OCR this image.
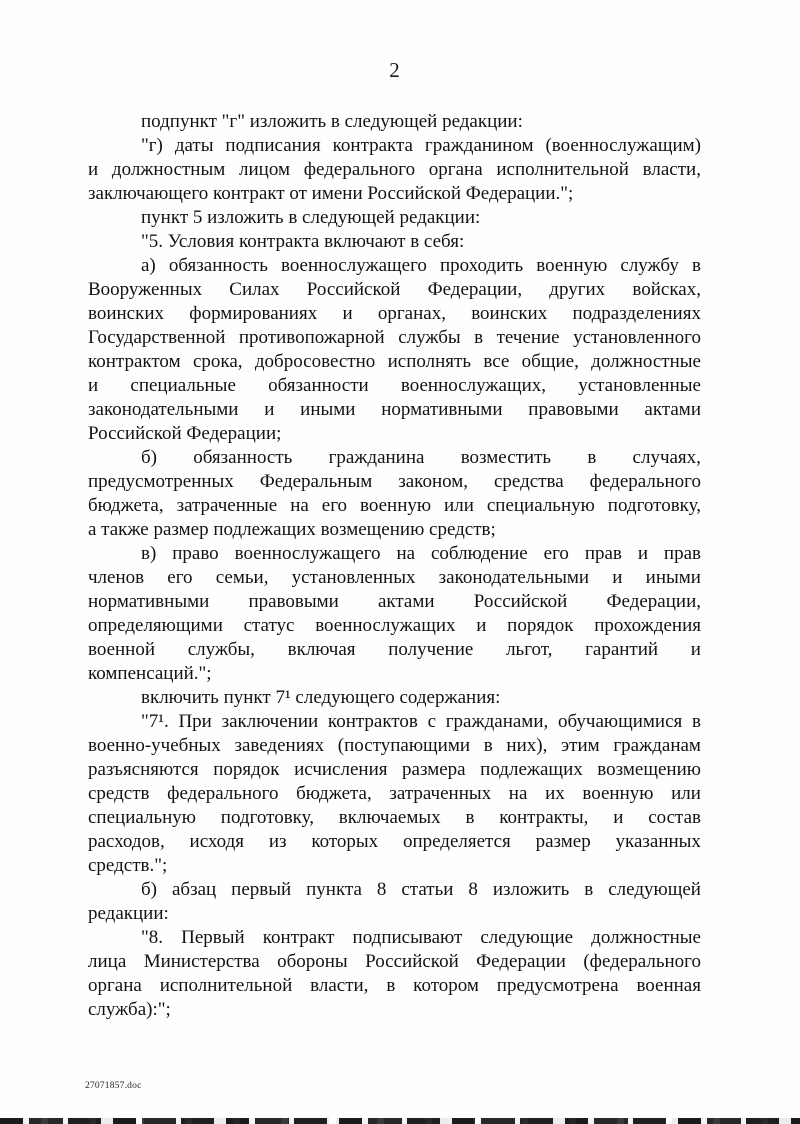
2
подпункт "г" изложить в следующей редакции:
"г) даты подписания контракта гражданином (военнослужащим)
и должностным лицом федерального органа исполнительной власти,
заключающего контракт от имени Российской Федерации.";
пункт 5 изложить в следующей редакции:
"5. Условия контракта включают в себя:
а) обязанность военнослужащего проходить военную службу в
Вооруженных Силах Российской Федерации, других войсках,
воинских формированиях и органах, воинских подразделениях
Государственной противопожарной службы в течение установленного
контрактом срока, добросовестно исполнять все общие, должностные
и специальные обязанности военнослужащих, установленные
законодательными и иными нормативными правовыми актами
Российской Федерации;
б) обязанность гражданина возместить в случаях,
предусмотренных Федеральным законом, средства федерального
бюджета, затраченные на его военную или специальную подготовку,
а также размер подлежащих возмещению средств;
в) право военнослужащего на соблюдение его прав и прав
членов его семьи, установленных законодательными и иными
нормативными правовыми актами Российской Федерации,
определяющими статус военнослужащих и порядок прохождения
военной службы, включая получение льгот, гарантий и
компенсаций.";
включить пункт 7¹ следующего содержания:
"7¹. При заключении контрактов с гражданами, обучающимися в
военно-учебных заведениях (поступающими в них), этим гражданам
разъясняются порядок исчисления размера подлежащих возмещению
средств федерального бюджета, затраченных на их военную или
специальную подготовку, включаемых в контракты, и состав
расходов, исходя из которых определяется размер указанных
средств.";
б) абзац первый пункта 8 статьи 8 изложить в следующей
редакции:
"8. Первый контракт подписывают следующие должностные
лица Министерства обороны Российской Федерации (федерального
органа исполнительной власти, в котором предусмотрена военная
служба):";
27071857.doc
